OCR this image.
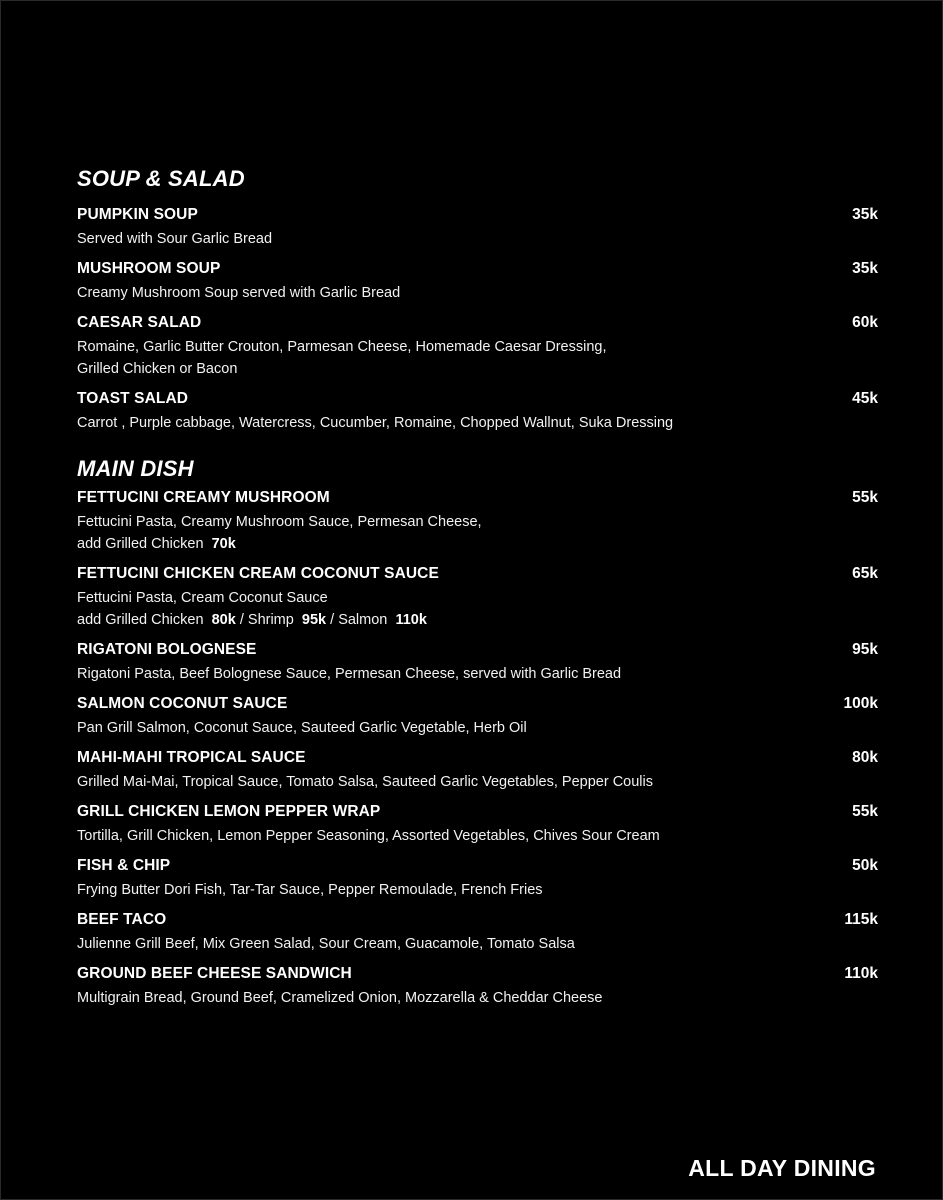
SOUP & SALAD
PUMPKIN SOUP	35k
Served with Sour Garlic Bread
MUSHROOM SOUP	35k
Creamy Mushroom Soup served with Garlic Bread
CAESAR SALAD	60k
Romaine, Garlic Butter Crouton, Parmesan Cheese, Homemade Caesar Dressing,
Grilled Chicken or Bacon
TOAST SALAD	45k
Carrot , Purple cabbage, Watercress, Cucumber, Romaine, Chopped Wallnut, Suka Dressing
MAIN DISH
FETTUCINI CREAMY MUSHROOM	55k
Fettucini Pasta, Creamy Mushroom Sauce, Permesan Cheese,
add Grilled Chicken 70k
FETTUCINI CHICKEN CREAM COCONUT SAUCE	65k
Fettucini Pasta, Cream Coconut Sauce
add Grilled Chicken 80k / Shrimp 95k / Salmon 110k
RIGATONI BOLOGNESE	95k
Rigatoni Pasta, Beef Bolognese Sauce, Permesan Cheese, served with Garlic Bread
SALMON COCONUT SAUCE	100k
Pan Grill Salmon, Coconut Sauce, Sauteed Garlic Vegetable, Herb Oil
MAHI-MAHI TROPICAL SAUCE	80k
Grilled Mai-Mai, Tropical Sauce, Tomato Salsa, Sauteed Garlic Vegetables, Pepper Coulis
GRILL CHICKEN LEMON PEPPER WRAP	55k
Tortilla, Grill Chicken, Lemon Pepper Seasoning, Assorted Vegetables, Chives Sour Cream
FISH & CHIP	50k
Frying Butter Dori Fish, Tar-Tar Sauce, Pepper Remoulade, French Fries
BEEF TACO	115k
Julienne Grill Beef, Mix Green Salad, Sour Cream, Guacamole, Tomato Salsa
GROUND BEEF CHEESE SANDWICH	110k
Multigrain Bread, Ground Beef, Cramelized Onion, Mozzarella & Cheddar Cheese
ALL DAY DINING
